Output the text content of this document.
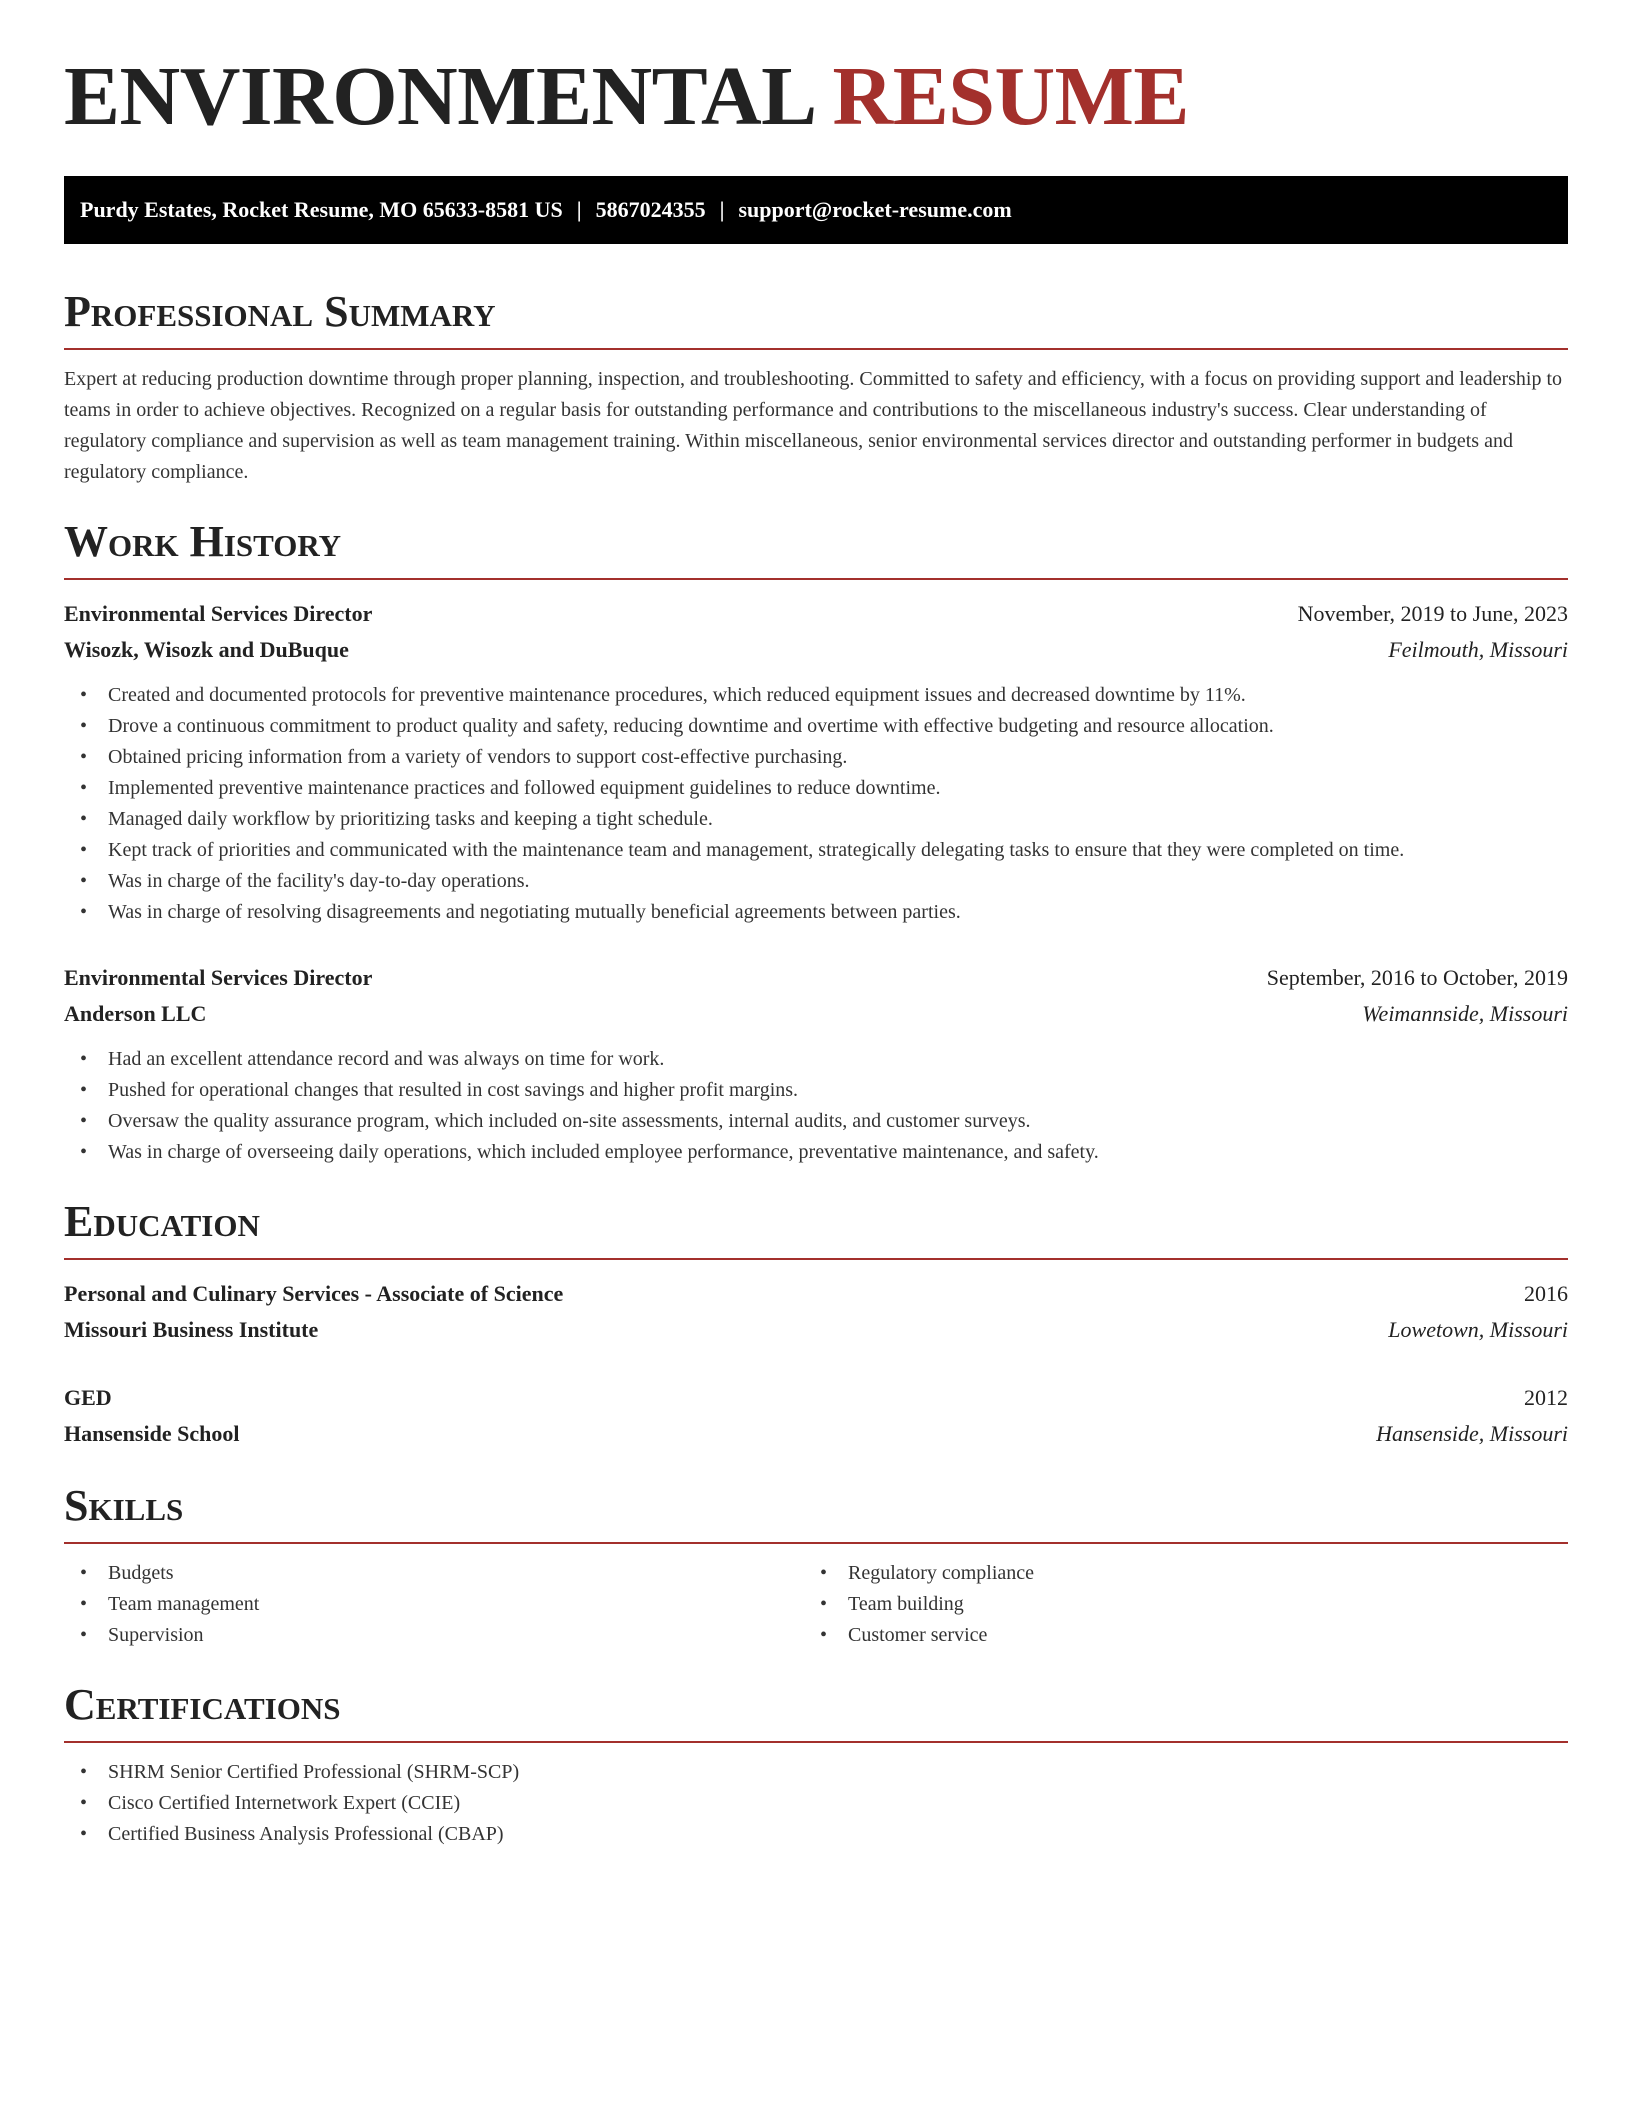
ENVIRONMENTAL RESUME
Purdy Estates, Rocket Resume, MO 65633-8581 US | 5867024355 | support@rocket-resume.com
Professional Summary

Expert at reducing production downtime through proper planning, inspection, and troubleshooting. Committed to safety and efficiency, with a focus on providing support and leadership to teams in order to achieve objectives. Recognized on a regular basis for outstanding performance and contributions to the miscellaneous industry's success. Clear understanding of regulatory compliance and supervision as well as team management training. Within miscellaneous, senior environmental services director and outstanding performer in budgets and regulatory compliance.

Work History
Environmental Services Director	November, 2019 to June, 2023
Wisozk, Wisozk and DuBuque	Feilmouth, Missouri
• Created and documented protocols for preventive maintenance procedures, which reduced equipment issues and decreased downtime by 11%.
• Drove a continuous commitment to product quality and safety, reducing downtime and overtime with effective budgeting and resource allocation.
• Obtained pricing information from a variety of vendors to support cost-effective purchasing.
• Implemented preventive maintenance practices and followed equipment guidelines to reduce downtime.
• Managed daily workflow by prioritizing tasks and keeping a tight schedule.
• Kept track of priorities and communicated with the maintenance team and management, strategically delegating tasks to ensure that they were completed on time.
• Was in charge of the facility's day-to-day operations.
• Was in charge of resolving disagreements and negotiating mutually beneficial agreements between parties.
Environmental Services Director	September, 2016 to October, 2019
Anderson LLC	Weimannside, Missouri
• Had an excellent attendance record and was always on time for work.
• Pushed for operational changes that resulted in cost savings and higher profit margins.
• Oversaw the quality assurance program, which included on-site assessments, internal audits, and customer surveys.
• Was in charge of overseeing daily operations, which included employee performance, preventative maintenance, and safety.
Education
Personal and Culinary Services - Associate of Science	2016
Missouri Business Institute	Lowetown, Missouri
GED	2012
Hansenside School	Hansenside, Missouri
Skills
• Budgets
• Team management
• Supervision
• Regulatory compliance
• Team building
• Customer service
Certifications
• SHRM Senior Certified Professional (SHRM-SCP)
• Cisco Certified Internetwork Expert (CCIE)
• Certified Business Analysis Professional (CBAP)
